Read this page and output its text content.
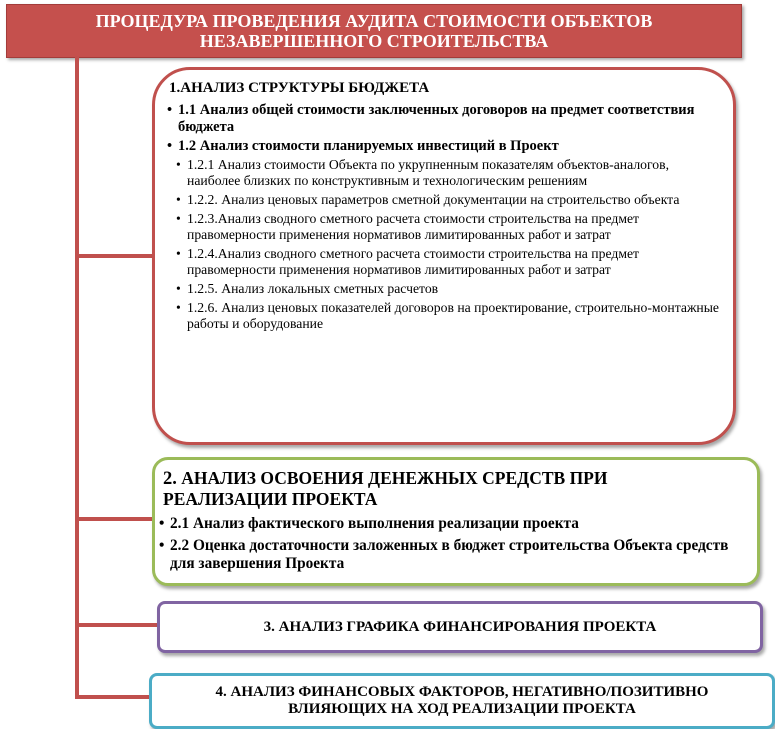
ПРОЦЕДУРА ПРОВЕДЕНИЯ АУДИТА СТОИМОСТИ ОБЪЕКТОВ
НЕЗАВЕРШЕННОГО СТРОИТЕЛЬСТВА
1.АНАЛИЗ СТРУКТУРЫ БЮДЖЕТА
• 1.1 Анализ общей стоимости заключенных договоров на предмет соответствия бюджета
• 1.2 Анализ стоимости планируемых инвестиций в Проект
• 1.2.1 Анализ стоимости Объекта по укрупненным показателям объектов-аналогов, наиболее близких по конструктивным и технологическим решениям
• 1.2.2. Анализ ценовых параметров сметной документации на строительство объекта
• 1.2.3.Анализ сводного сметного расчета стоимости строительства на предмет правомерности применения нормативов лимитированных работ и затрат
• 1.2.4.Анализ сводного сметного расчета стоимости строительства на предмет правомерности применения нормативов лимитированных работ и затрат
• 1.2.5. Анализ локальных сметных расчетов
• 1.2.6. Анализ ценовых показателей договоров на проектирование, строительно-монтажные работы и оборудование
2. АНАЛИЗ ОСВОЕНИЯ ДЕНЕЖНЫХ СРЕДСТВ ПРИ
РЕАЛИЗАЦИИ ПРОЕКТА
• 2.1 Анализ фактического выполнения реализации проекта
• 2.2 Оценка достаточности заложенных в бюджет строительства Объекта средств для завершения Проекта
3. АНАЛИЗ ГРАФИКА ФИНАНСИРОВАНИЯ ПРОЕКТА
4. АНАЛИЗ ФИНАНСОВЫХ ФАКТОРОВ, НЕГАТИВНО/ПОЗИТИВНО
ВЛИЯЮЩИХ НА ХОД РЕАЛИЗАЦИИ ПРОЕКТА
